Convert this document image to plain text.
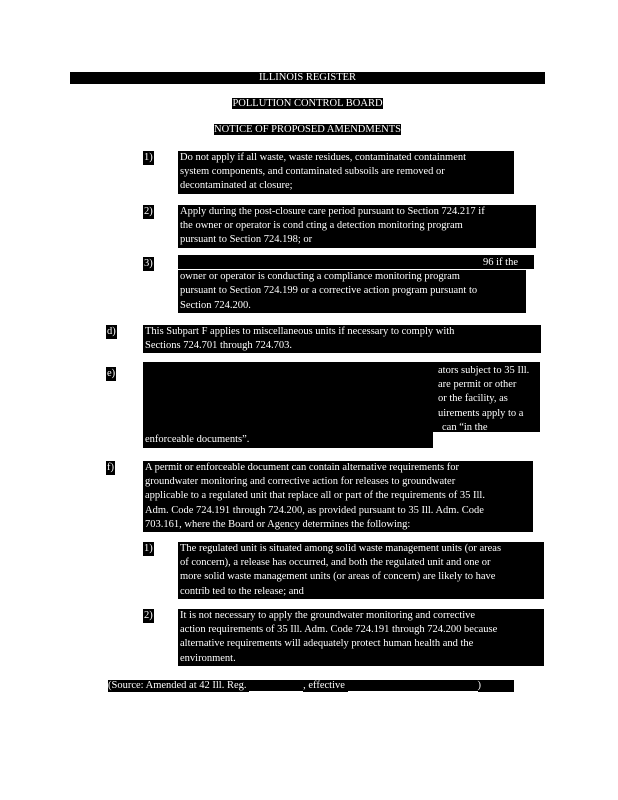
ILLINOIS REGISTER
POLLUTION CONTROL BOARD
NOTICE OF PROPOSED AMENDMENTS
1)	Do not apply if all waste, waste residues, contaminated containment
system components, and contaminated subsoils are removed or
decontaminated at closure;
2)	Apply during the post-closure care period pursuant to Section 724.217 if
the owner or operator is cond cting a detection monitoring program
pursuant to Section 724.198; or
3)	96 if the
owner or operator is conducting a compliance monitoring program
pursuant to Section 724.199 or a corrective action program pursuant to
Section 724.200.
d)	This Subpart F applies to miscellaneous units if necessary to comply with
Sections 724.701 through 724.703.
e)	ators subject to 35 Ill.
are permit or other
or the facility, as
uirements apply to a
can “in the
enforceable documents”.
f)	A permit or enforceable document can contain alternative requirements for
groundwater monitoring and corrective action for releases to groundwater
applicable to a regulated unit that replace all or part of the requirements of 35 Ill.
Adm. Code 724.191 through 724.200, as provided pursuant to 35 Ill. Adm. Code
703.161, where the Board or Agency determines the following:
1)	The regulated unit is situated among solid waste management units (or areas
of concern), a release has occurred, and both the regulated unit and one or
more solid waste management units (or areas of concern) are likely to have
contrib ted to the release; and
2)	It is not necessary to apply the groundwater monitoring and corrective
action requirements of 35 Ill. Adm. Code 724.191 through 724.200 because
alternative requirements will adequately protect human health and the
environment.
(Source: Amended at 42 Ill. Reg.	, effective	)
